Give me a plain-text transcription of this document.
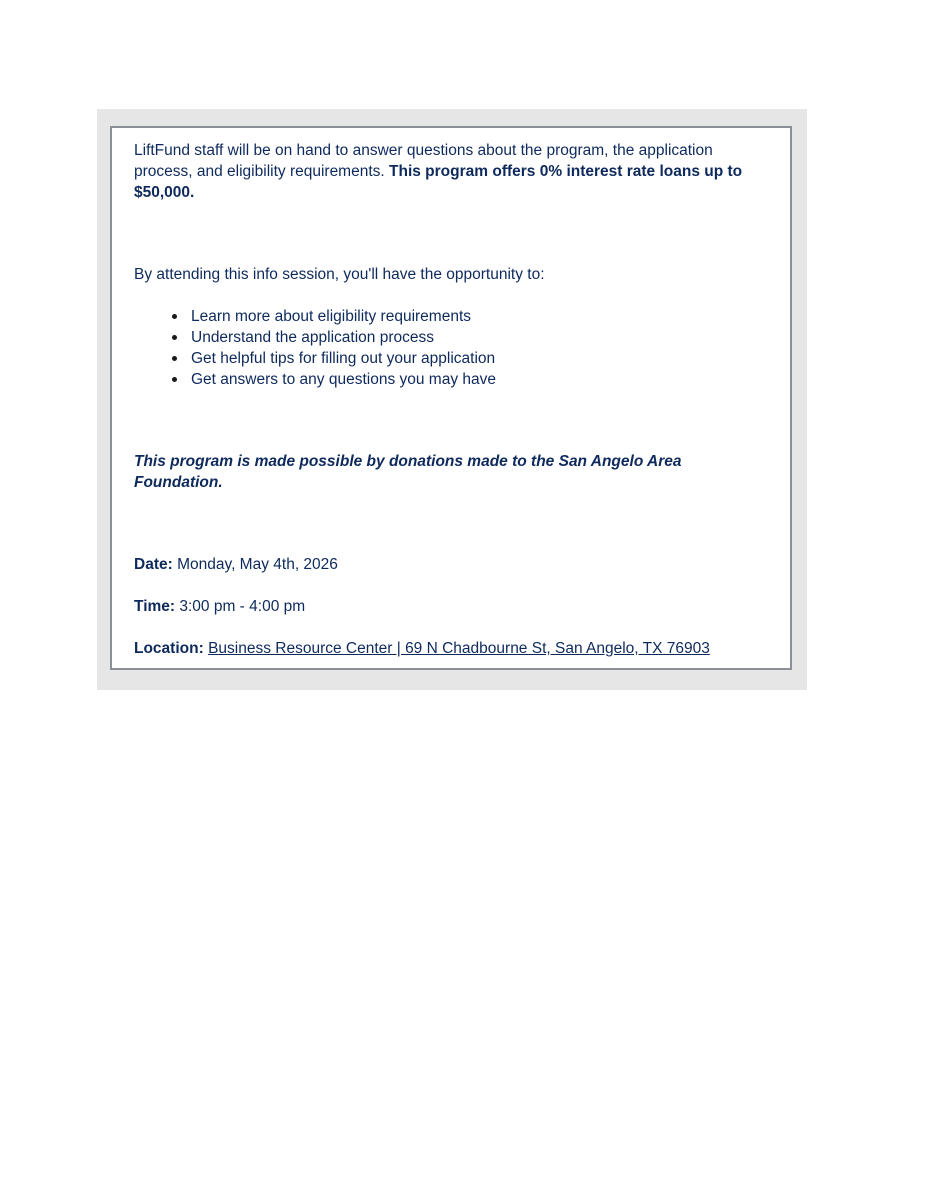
LiftFund staff will be on hand to answer questions about the program, the application process, and eligibility requirements. This program offers 0% interest rate loans up to $50,000.

By attending this info session, you'll have the opportunity to:

Learn more about eligibility requirements
Understand the application process
Get helpful tips for filling out your application
Get answers to any questions you may have

This program is made possible by donations made to the San Angelo Area Foundation.

Date: Monday, May 4th, 2026

Time: 3:00 pm - 4:00 pm

Location: Business Resource Center | 69 N Chadbourne St, San Angelo, TX 76903
